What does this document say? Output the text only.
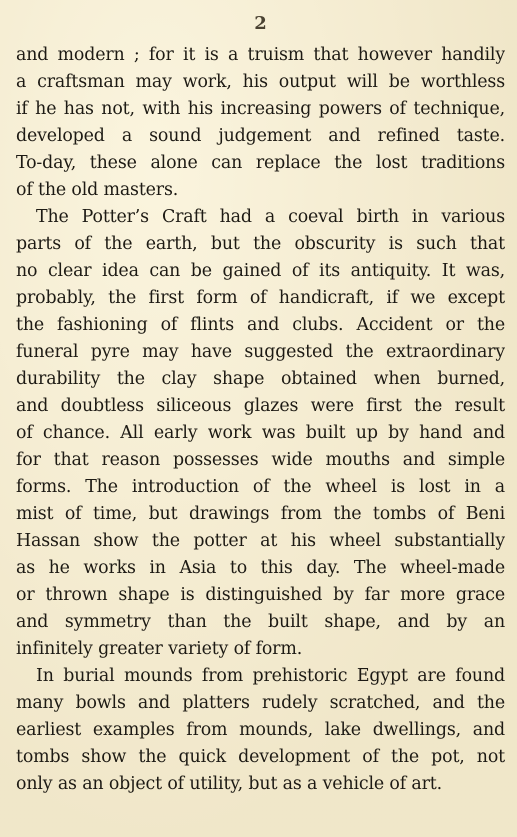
2
and modern ; for it is a truism that however handily
a craftsman may work, his output will be worthless
if he has not, with his increasing powers of technique,
developed a sound judgement and refined taste.
To-day, these alone can replace the lost traditions
of the old masters.
The Potter’s Craft had a coeval birth in various
parts of the earth, but the obscurity is such that
no clear idea can be gained of its antiquity. It was,
probably, the first form of handicraft, if we except
the fashioning of flints and clubs. Accident or the
funeral pyre may have suggested the extraordinary
durability the clay shape obtained when burned,
and doubtless siliceous glazes were first the result
of chance. All early work was built up by hand and
for that reason possesses wide mouths and simple
forms. The introduction of the wheel is lost in a
mist of time, but drawings from the tombs of Beni
Hassan show the potter at his wheel substantially
as he works in Asia to this day. The wheel-made
or thrown shape is distinguished by far more grace
and symmetry than the built shape, and by an
infinitely greater variety of form.
In burial mounds from prehistoric Egypt are found
many bowls and platters rudely scratched, and the
earliest examples from mounds, lake dwellings, and
tombs show the quick development of the pot, not
only as an object of utility, but as a vehicle of art.
